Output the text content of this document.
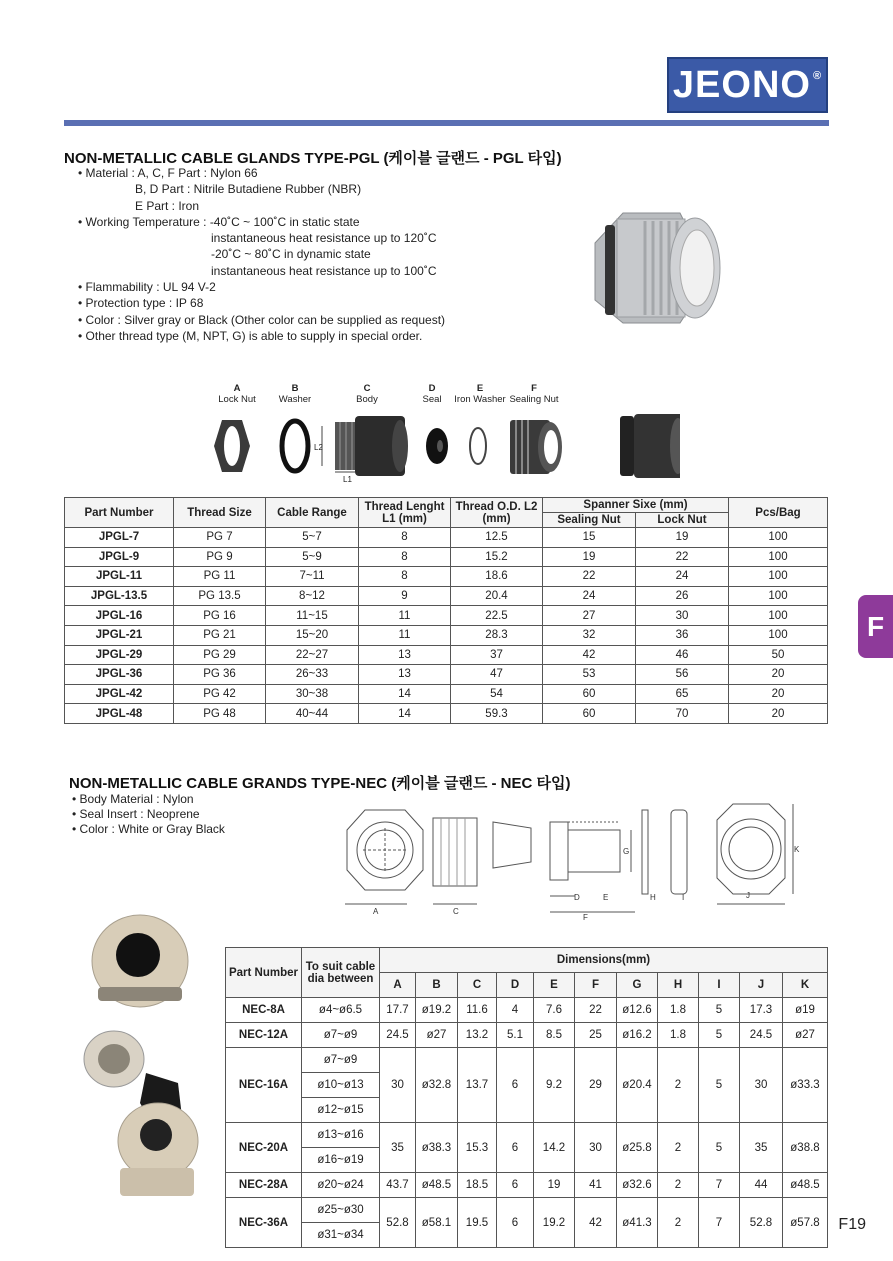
JEONO®
NON-METALLIC CABLE GLANDS TYPE-PGL (케이블 글랜드 - PGL 타입)
• Material : A, C, F Part : Nylon 66
B, D Part : Nitrile Butadiene Rubber (NBR)
E Part : Iron
• Working Temperature : -40˚C ~ 100˚C in static state
instantaneous heat resistance up to 120˚C
-20˚C ~ 80˚C in dynamic state
instantaneous heat resistance up to 100˚C
• Flammability : UL 94 V-2
• Protection type : IP 68
• Color : Silver gray or Black (Other color can be supplied as request)
• Other thread type (M, NPT, G) is able to supply in special order.
A
Lock Nut
B
Washer
C
Body
D
Seal
E
Iron Washer
F
Sealing Nut
L2
L1
Part Number	Thread Size	Cable Range	Thread Lenght L1 (mm)	Thread O.D. L2 (mm)	Spanner Sixe (mm)		Pcs/Bag
					Sealing Nut	Lock Nut	
JPGL-7	PG 7	5~7	8	12.5	15	19	100
JPGL-9	PG 9	5~9	8	15.2	19	22	100
JPGL-11	PG 11	7~11	8	18.6	22	24	100
JPGL-13.5	PG 13.5	8~12	9	20.4	24	26	100
JPGL-16	PG 16	11~15	11	22.5	27	30	100
JPGL-21	PG 21	15~20	11	28.3	32	36	100
JPGL-29	PG 29	22~27	13	37	42	46	50
JPGL-36	PG 36	26~33	13	47	53	56	20
JPGL-42	PG 42	30~38	14	54	60	65	20
JPGL-48	PG 48	40~44	14	59.3	60	70	20
F
F19
NON-METALLIC CABLE GRANDS TYPE-NEC (케이블 글랜드 - NEC 타입)
• Body Material : Nylon
• Seal Insert : Neoprene
• Color : White or Gray Black
A	C
D	E
F
G
H	I	J
K
Part Number	To suit cable dia between	Dimensions(mm)										
		A	B	C	D	E	F	G	H	I	J	K
NEC-8A	ø4~ø6.5	17.7	ø19.2	11.6	4	7.6	22	ø12.6	1.8	5	17.3	ø19
NEC-12A	ø7~ø9	24.5	ø27	13.2	5.1	8.5	25	ø16.2	1.8	5	24.5	ø27
NEC-16A	ø7~ø9	30	ø32.8	13.7	6	9.2	29	ø20.4	2	5	30	ø33.3
	ø10~ø13											
	ø12~ø15											
NEC-20A	ø13~ø16	35	ø38.3	15.3	6	14.2	30	ø25.8	2	5	35	ø38.8
	ø16~ø19											
NEC-28A	ø20~ø24	43.7	ø48.5	18.5	6	19	41	ø32.6	2	7	44	ø48.5
NEC-36A	ø25~ø30	52.8	ø58.1	19.5	6	19.2	42	ø41.3	2	7	52.8	ø57.8
	ø31~ø34											
